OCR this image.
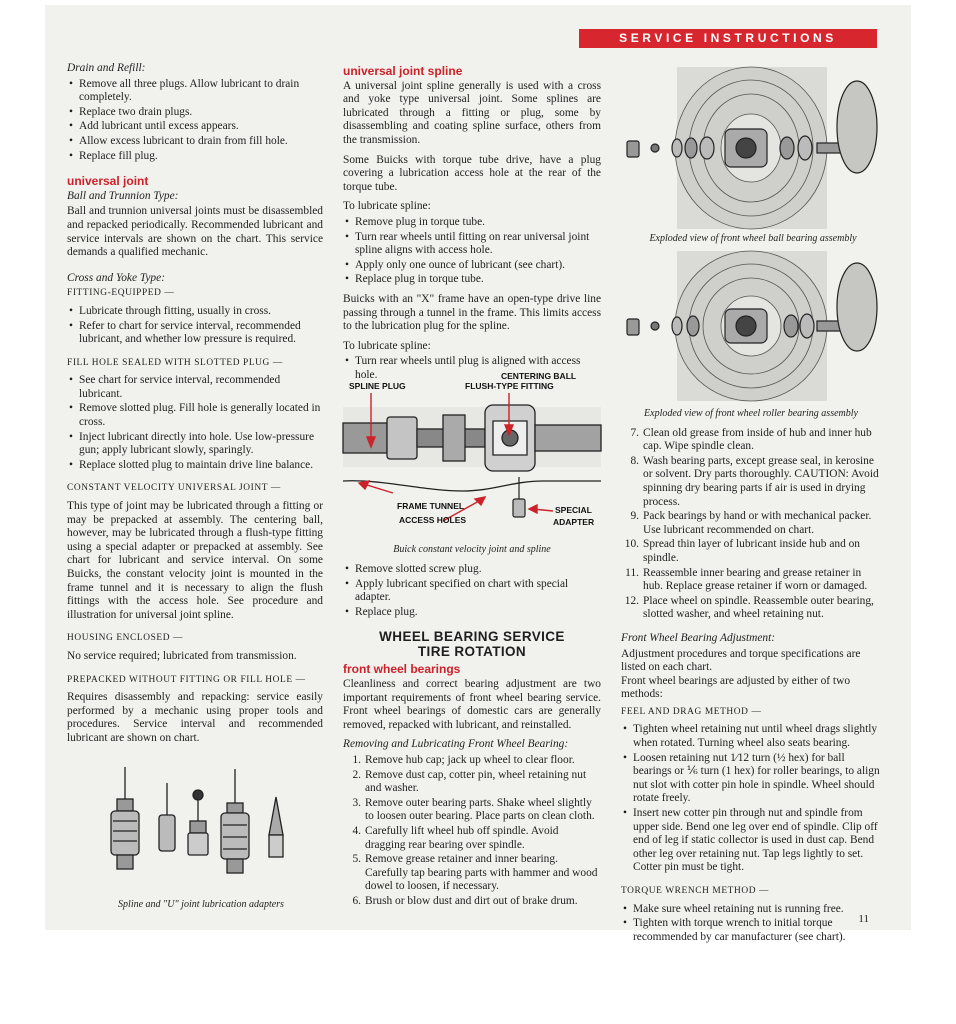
SERVICE INSTRUCTIONS
Drain and Refill:
• Remove all three plugs. Allow lubricant to drain completely.
• Replace two drain plugs.
• Add lubricant until excess appears.
• Allow excess lubricant to drain from fill hole.
• Replace fill plug.
universal joint
Ball and Trunnion Type:

Ball and trunnion universal joints must be disassembled and repacked periodically. Recommended lubricant and service intervals are shown on the chart. This service demands a qualified mechanic.

Cross and Yoke Type:
FITTING-EQUIPPED —
• Lubricate through fitting, usually in cross.
• Refer to chart for service interval, recommended lubricant, and whether low pressure is required.
FILL HOLE SEALED WITH SLOTTED PLUG —
• See chart for service interval, recommended lubricant.
• Remove slotted plug. Fill hole is generally located in cross.
• Inject lubricant directly into hole. Use low-pressure gun; apply lubricant slowly, sparingly.
• Replace slotted plug to maintain drive line balance.
CONSTANT VELOCITY UNIVERSAL JOINT —

This type of joint may be lubricated through a fitting or may be prepacked at assembly. The centering ball, however, may be lubricated through a flush-type fitting using a special adapter or prepacked at assembly. See chart for lubricant and service interval. On some Buicks, the constant velocity joint is mounted in the frame tunnel and it is necessary to align the flush fittings with the access hole. See procedure and illustration for universal joint spline.

HOUSING ENCLOSED —

No service required; lubricated from transmission.

PREPACKED WITHOUT FITTING OR FILL HOLE —

Requires disassembly and repacking: service easily performed by a mechanic using proper tools and procedures. Service interval and recommended lubricant are shown on chart.

Spline and "U" joint lubrication adapters
universal joint spline

A universal joint spline generally is used with a cross and yoke type universal joint. Some splines are lubricated through a fitting or plug, some by disassembling and coating spline surface, others from the transmission.

Some Buicks with torque tube drive, have a plug covering a lubrication access hole at the rear of the torque tube.

To lubricate spline:
• Remove plug in torque tube.
• Turn rear wheels until fitting on rear universal joint spline aligns with access hole.
• Apply only one ounce of lubricant (see chart).
• Replace plug in torque tube.

Buicks with an "X" frame have an open-type drive line passing through a tunnel in the frame. This limits access to the lubrication plug for the spline.

To lubricate spline:
• Turn rear wheels until plug is aligned with access hole.
SPLINE PLUG
CENTERING BALL
FLUSH-TYPE FITTING
FRAME TUNNEL
ACCESS HOLES
SPECIAL
ADAPTER
Buick constant velocity joint and spline
• Remove slotted screw plug.
• Apply lubricant specified on chart with special adapter.
• Replace plug.
WHEEL BEARING SERVICE
TIRE ROTATION
front wheel bearings

Cleanliness and correct bearing adjustment are two important requirements of front wheel bearing service. Front wheel bearings of domestic cars are generally removed, repacked with lubricant, and reinstalled.

Removing and Lubricating Front Wheel Bearing:
1. Remove hub cap; jack up wheel to clear floor.
2. Remove dust cap, cotter pin, wheel retaining nut and washer.
3. Remove outer bearing parts. Shake wheel slightly to loosen outer bearing. Place parts on clean cloth.
4. Carefully lift wheel hub off spindle. Avoid dragging rear bearing over spindle.
5. Remove grease retainer and inner bearing. Carefully tap bearing parts with hammer and wood dowel to loosen, if necessary.
6. Brush or blow dust and dirt out of brake drum.
Exploded view of front wheel ball bearing assembly
Exploded view of front wheel roller bearing assembly
7. Clean old grease from inside of hub and inner hub cap. Wipe spindle clean.
8. Wash bearing parts, except grease seal, in kerosine or solvent. Dry parts thoroughly. CAUTION: Avoid spinning dry bearing parts if air is used in drying process.
9. Pack bearings by hand or with mechanical packer. Use lubricant recommended on chart.
10. Spread thin layer of lubricant inside hub and on spindle.
11. Reassemble inner bearing and grease retainer in hub. Replace grease retainer if worn or damaged.
12. Place wheel on spindle. Reassemble outer bearing, slotted washer, and wheel retaining nut.
Front Wheel Bearing Adjustment:
Adjustment procedures and torque specifications are listed on each chart.
Front wheel bearings are adjusted by either of two methods:
FEEL AND DRAG METHOD —
• Tighten wheel retaining nut until wheel drags slightly when rotated. Turning wheel also seats bearing.
• Loosen retaining nut 1⁄12 turn (½ hex) for ball bearings or ⅙ turn (1 hex) for roller bearings, to align nut slot with cotter pin hole in spindle. Wheel should rotate freely.
• Insert new cotter pin through nut and spindle from upper side. Bend one leg over end of spindle. Clip off end of leg if static collector is used in dust cap. Bend other leg over retaining nut. Tap legs lightly to set. Cotter pin must be tight.
TORQUE WRENCH METHOD —
• Make sure wheel retaining nut is running free.
• Tighten with torque wrench to initial torque recommended by car manufacturer (see chart).
11
